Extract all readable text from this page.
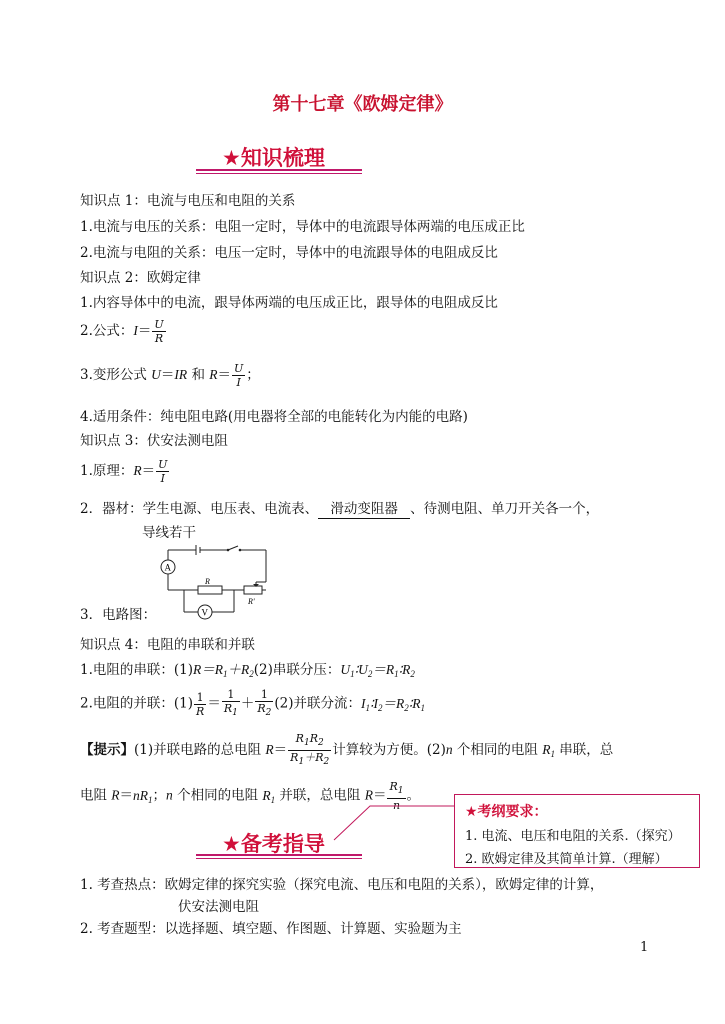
第十七章《欧姆定律》
★知识梳理
知识点 1：电流与电压和电阻的关系
1.电流与电压的关系：电阻一定时，导体中的电流跟导体两端的电压成正比
2.电流与电阻的关系：电压一定时，导体中的电流跟导体的电阻成反比
知识点 2：欧姆定律
1.内容导体中的电流，跟导体两端的电压成正比，跟导体的电阻成反比
2.公式：$I= \frac{U}{R}$
3.变形公式 U＝IR 和 $R= \frac{U}{I}$ ；
4.适用条件：纯电阻电路(用电器将全部的电能转化为内能的电路)
知识点 3：伏安法测电阻
1.原理：$R= \frac{U}{I}$
2．器材：学生电源、电压表、电流表、 滑动变阻器 、待测电阻、单刀开关各一个，
导线若干
A
V
R
R'
3．电路图：
知识点 4：电阻的串联和并联
1.电阻的串联：$(1)R=R_1+R_2(2)$串联分压：$U_1∶U_2=R_1∶R_2$
2.电阻的并联：$(1) \frac{1}{R} = \frac{1}{R_1} + \frac{1}{R_2} (2)$并联分流：$I_1∶I_2=R_2∶R_1$
【提示】(1)并联电路的总电阻 $R= \frac{R_1R_2}{R_1+R_2}$ 计算较为方便。(2)n 个相同的电阻 $R_1$ 串联，总
电阻 $R=nR_1$；n 个相同的电阻 $R_1$ 并联，总电阻 $R= \frac{R_1}{n}$ 。
★考纲要求：
1. 电流、电压和电阻的关系.（探究）
2. 欧姆定律及其简单计算.（理解）
★备考指导
1. 考查热点：欧姆定律的探究实验（探究电流、电压和电阻的关系），欧姆定律的计算，
伏安法测电阻
2. 考查题型：以选择题、填空题、作图题、计算题、实验题为主
1
